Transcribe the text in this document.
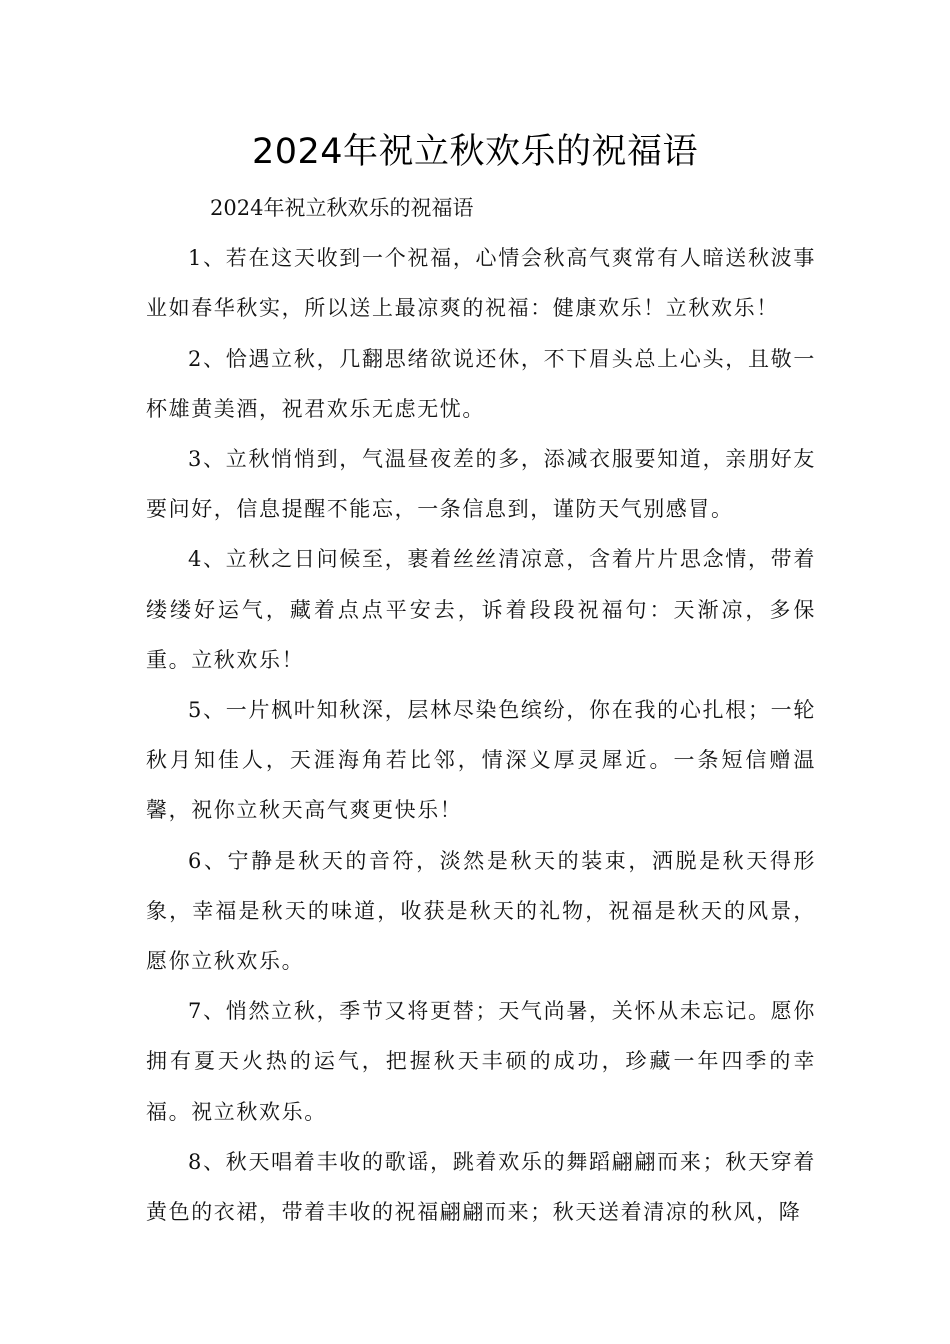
2024年祝立秋欢乐的祝福语

2024年祝立秋欢乐的祝福语

1、若在这天收到一个祝福，心情会秋高气爽常有人暗送秋波事业如春华秋实，所以送上最凉爽的祝福：健康欢乐！立秋欢乐！

2、恰遇立秋，几翻思绪欲说还休，不下眉头总上心头，且敬一杯雄黄美酒，祝君欢乐无虑无忧。

3、立秋悄悄到，气温昼夜差的多，添减衣服要知道，亲朋好友要问好，信息提醒不能忘，一条信息到，谨防天气别感冒。

4、立秋之日问候至，裹着丝丝清凉意，含着片片思念情，带着缕缕好运气，藏着点点平安去，诉着段段祝福句：天渐凉，多保重。立秋欢乐！

5、一片枫叶知秋深，层林尽染色缤纷，你在我的心扎根；一轮秋月知佳人，天涯海角若比邻，情深义厚灵犀近。一条短信赠温馨，祝你立秋天高气爽更快乐！

6、宁静是秋天的音符，淡然是秋天的装束，洒脱是秋天得形象，幸福是秋天的味道，收获是秋天的礼物，祝福是秋天的风景，愿你立秋欢乐。

7、悄然立秋，季节又将更替；天气尚暑，关怀从未忘记。愿你拥有夏天火热的运气，把握秋天丰硕的成功，珍藏一年四季的幸福。祝立秋欢乐。

8、秋天唱着丰收的歌谣，跳着欢乐的舞蹈翩翩而来；秋天穿着黄色的衣裙，带着丰收的祝福翩翩而来；秋天送着清凉的秋风，降
